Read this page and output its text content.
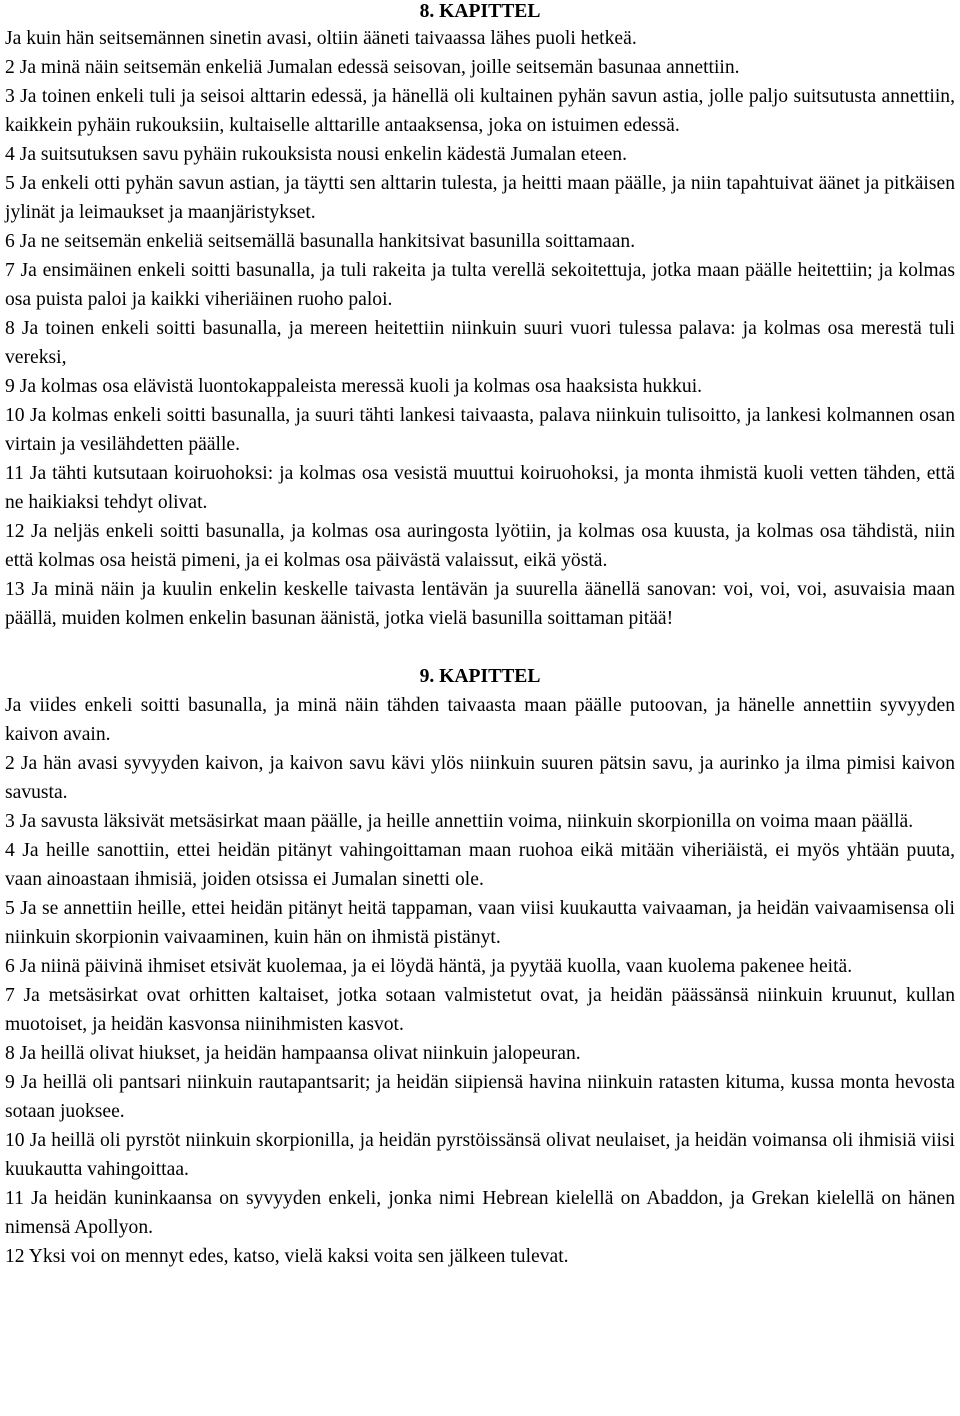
8. KAPITTEL

Ja kuin hän seitsemännen sinetin avasi, oltiin ääneti taivaassa lähes puoli hetkeä.

2 Ja minä näin seitsemän enkeliä Jumalan edessä seisovan, joille seitsemän basunaa annettiin.

3 Ja toinen enkeli tuli ja seisoi alttarin edessä, ja hänellä oli kultainen pyhän savun astia, jolle paljo suitsutusta annettiin, kaikkein pyhäin rukouksiin, kultaiselle alttarille antaaksensa, joka on istuimen edessä.

4 Ja suitsutuksen savu pyhäin rukouksista nousi enkelin kädestä Jumalan eteen.

5 Ja enkeli otti pyhän savun astian, ja täytti sen alttarin tulesta, ja heitti maan päälle, ja niin tapahtuivat äänet ja pitkäisen jylinät ja leimaukset ja maanjäristykset.

6 Ja ne seitsemän enkeliä seitsemällä basunalla hankitsivat basunilla soittamaan.

7 Ja ensimäinen enkeli soitti basunalla, ja tuli rakeita ja tulta verellä sekoitettuja, jotka maan päälle heitettiin; ja kolmas osa puista paloi ja kaikki viheriäinen ruoho paloi.

8 Ja toinen enkeli soitti basunalla, ja mereen heitettiin niinkuin suuri vuori tulessa palava: ja kolmas osa merestä tuli vereksi,

9 Ja kolmas osa elävistä luontokappaleista meressä kuoli ja kolmas osa haaksista hukkui.

10 Ja kolmas enkeli soitti basunalla, ja suuri tähti lankesi taivaasta, palava niinkuin tulisoitto, ja lankesi kolmannen osan virtain ja vesilähdetten päälle.

11 Ja tähti kutsutaan koiruohoksi: ja kolmas osa vesistä muuttui koiruohoksi, ja monta ihmistä kuoli vetten tähden, että ne haikiaksi tehdyt olivat.

12 Ja neljäs enkeli soitti basunalla, ja kolmas osa auringosta lyötiin, ja kolmas osa kuusta, ja kolmas osa tähdistä, niin että kolmas osa heistä pimeni, ja ei kolmas osa päivästä valaissut, eikä yöstä.

13 Ja minä näin ja kuulin enkelin keskelle taivasta lentävän ja suurella äänellä sanovan: voi, voi, voi, asuvaisia maan päällä, muiden kolmen enkelin basunan äänistä, jotka vielä basunilla soittaman pitää!

9. KAPITTEL

Ja viides enkeli soitti basunalla, ja minä näin tähden taivaasta maan päälle putoovan, ja hänelle annettiin syvyyden kaivon avain.

2 Ja hän avasi syvyyden kaivon, ja kaivon savu kävi ylös niinkuin suuren pätsin savu, ja aurinko ja ilma pimisi kaivon savusta.

3 Ja savusta läksivät metsäsirkat maan päälle, ja heille annettiin voima, niinkuin skorpionilla on voima maan päällä.

4 Ja heille sanottiin, ettei heidän pitänyt vahingoittaman maan ruohoa eikä mitään viheriäistä, ei myös yhtään puuta, vaan ainoastaan ihmisiä, joiden otsissa ei Jumalan sinetti ole.

5 Ja se annettiin heille, ettei heidän pitänyt heitä tappaman, vaan viisi kuukautta vaivaaman, ja heidän vaivaamisensa oli niinkuin skorpionin vaivaaminen, kuin hän on ihmistä pistänyt.

6 Ja niinä päivinä ihmiset etsivät kuolemaa, ja ei löydä häntä, ja pyytää kuolla, vaan kuolema pakenee heitä.

7 Ja metsäsirkat ovat orhitten kaltaiset, jotka sotaan valmistetut ovat, ja heidän päässänsä niinkuin kruunut, kullan muotoiset, ja heidän kasvonsa niinihmisten kasvot.

8 Ja heillä olivat hiukset, ja heidän hampaansa olivat niinkuin jalopeuran.

9 Ja heillä oli pantsari niinkuin rautapantsarit; ja heidän siipiensä havina niinkuin ratasten kituma, kussa monta hevosta sotaan juoksee.

10 Ja heillä oli pyrstöt niinkuin skorpionilla, ja heidän pyrstöissänsä olivat neulaiset, ja heidän voimansa oli ihmisiä viisi kuukautta vahingoittaa.

11 Ja heidän kuninkaansa on syvyyden enkeli, jonka nimi Hebrean kielellä on Abaddon, ja Grekan kielellä on hänen nimensä Apollyon.

12 Yksi voi on mennyt edes, katso, vielä kaksi voita sen jälkeen tulevat.
